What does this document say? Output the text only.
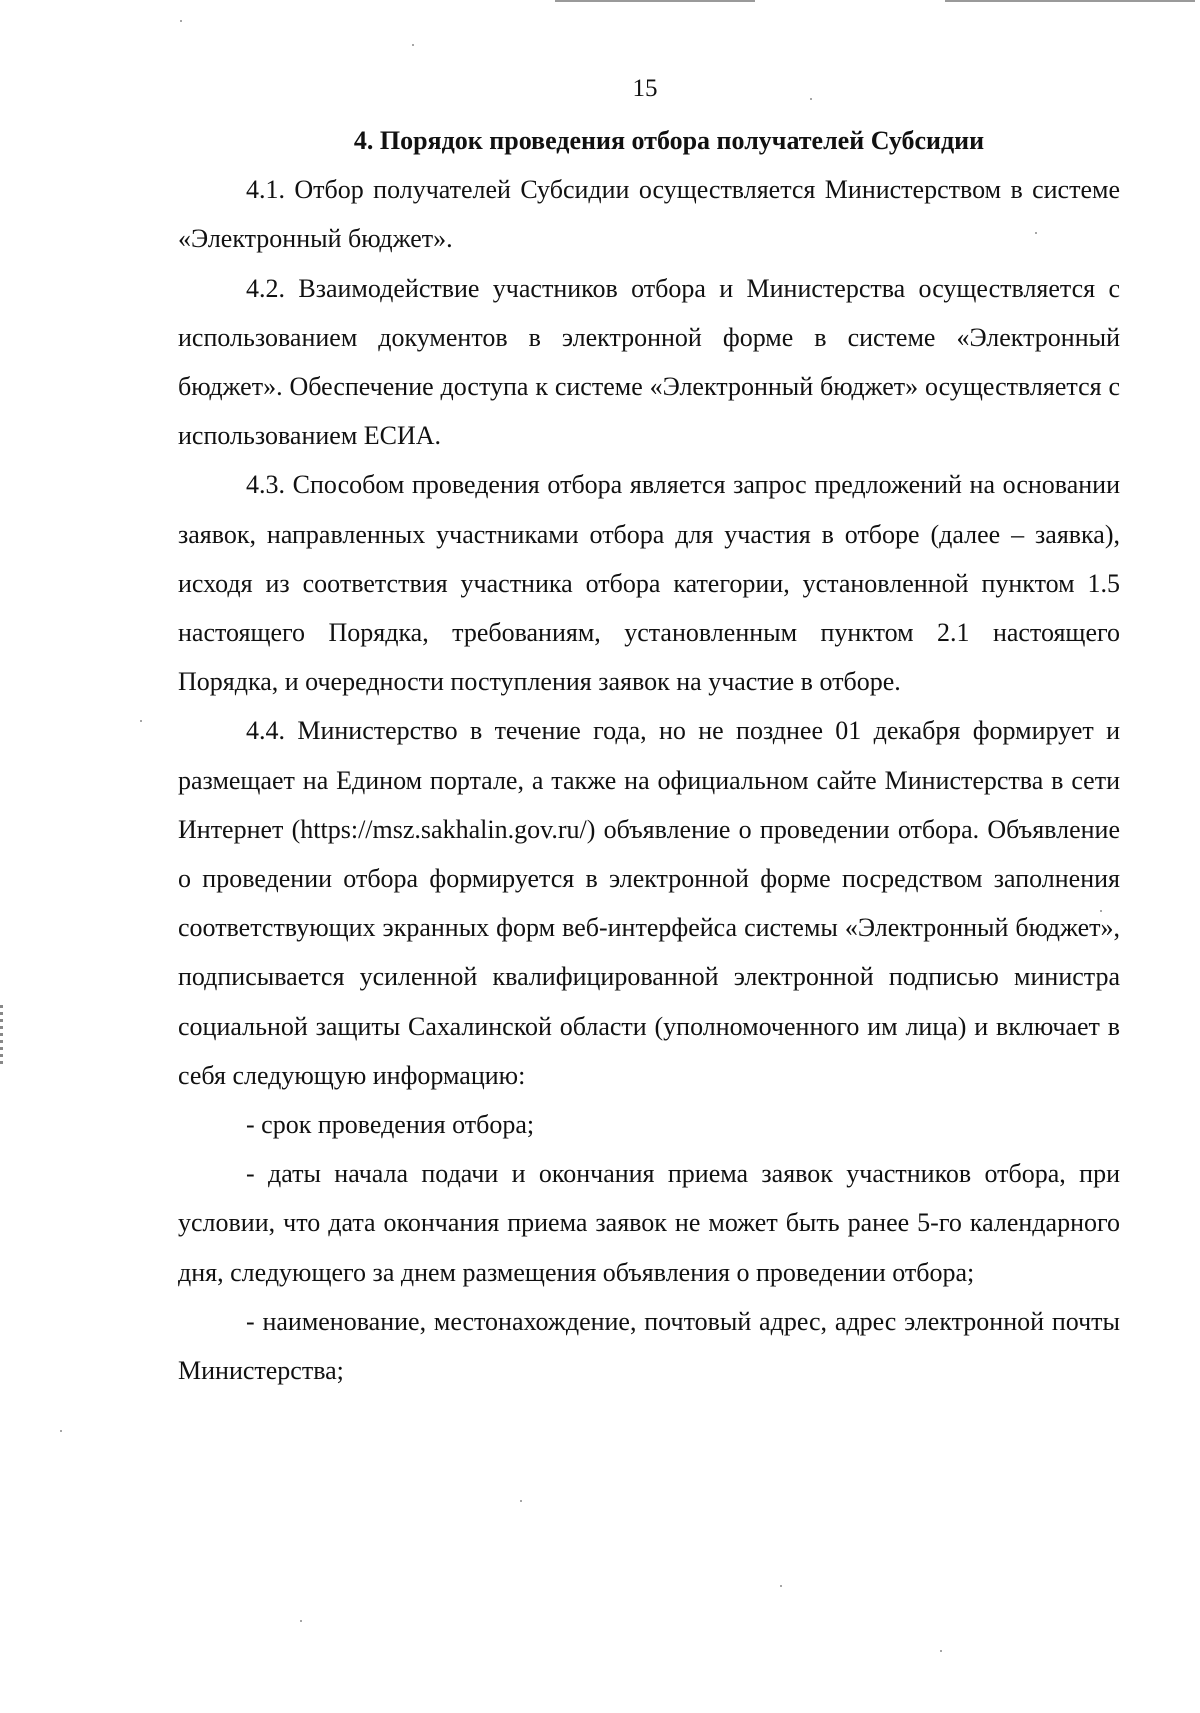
15

4. Порядок проведения отбора получателей Субсидии

4.1. Отбор получателей Субсидии осуществляется Министерством в системе «Электронный бюджет».

4.2. Взаимодействие участников отбора и Министерства осуществляется с использованием документов в электронной форме в системе «Электронный бюджет». Обеспечение доступа к системе «Электронный бюджет» осуществляется с использованием ЕСИА.

4.3. Способом проведения отбора является запрос предложений на основании заявок, направленных участниками отбора для участия в отборе (далее – заявка), исходя из соответствия участника отбора категории, установленной пунктом 1.5 настоящего Порядка, требованиям, установленным пунктом 2.1 настоящего Порядка, и очередности поступления заявок на участие в отборе.

4.4. Министерство в течение года, но не позднее 01 декабря формирует и размещает на Едином портале, а также на официальном сайте Министерства в сети Интернет (https://msz.sakhalin.gov.ru/) объявление о проведении отбора. Объявление о проведении отбора формируется в электронной форме посредством заполнения соответствующих экранных форм веб-интерфейса системы «Электронный бюджет», подписывается усиленной квалифицированной электронной подписью министра социальной защиты Сахалинской области (уполномоченного им лица) и включает в себя следующую информацию:

- срок проведения отбора;

- даты начала подачи и окончания приема заявок участников отбора, при условии, что дата окончания приема заявок не может быть ранее 5-го календарного дня, следующего за днем размещения объявления о проведении отбора;

- наименование, местонахождение, почтовый адрес, адрес электронной почты Министерства;
